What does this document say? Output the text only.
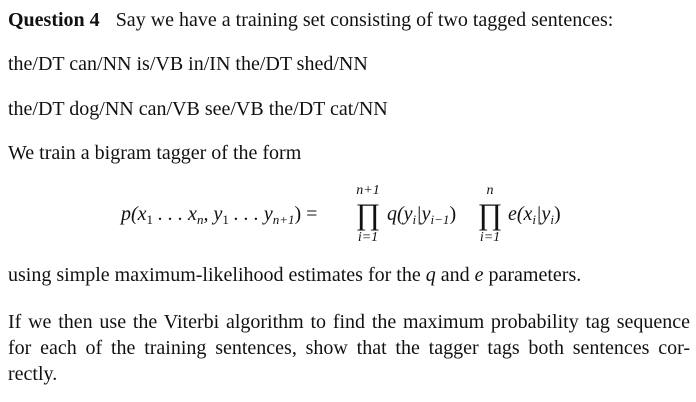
Question 4 Say we have a training set consisting of two tagged sentences:
the/DT can/NN is/VB in/IN the/DT shed/NN
the/DT dog/NN can/VB see/VB the/DT cat/NN
We train a bigram tagger of the form
$p(x_1$ . . . $x_n$, $y_1$ . . . $y_{n+1}$) =
n+1
∏
i=1
$q(y_i|y_{i-1})$
n
∏
i=1
$e(x_i|y_i)$
using simple maximum-likelihood estimates for the q and e parameters.
If we then use the Viterbi algorithm to find the maximum probability tag sequence
for each of the training sentences, show that the tagger tags both sentences cor-
rectly.
